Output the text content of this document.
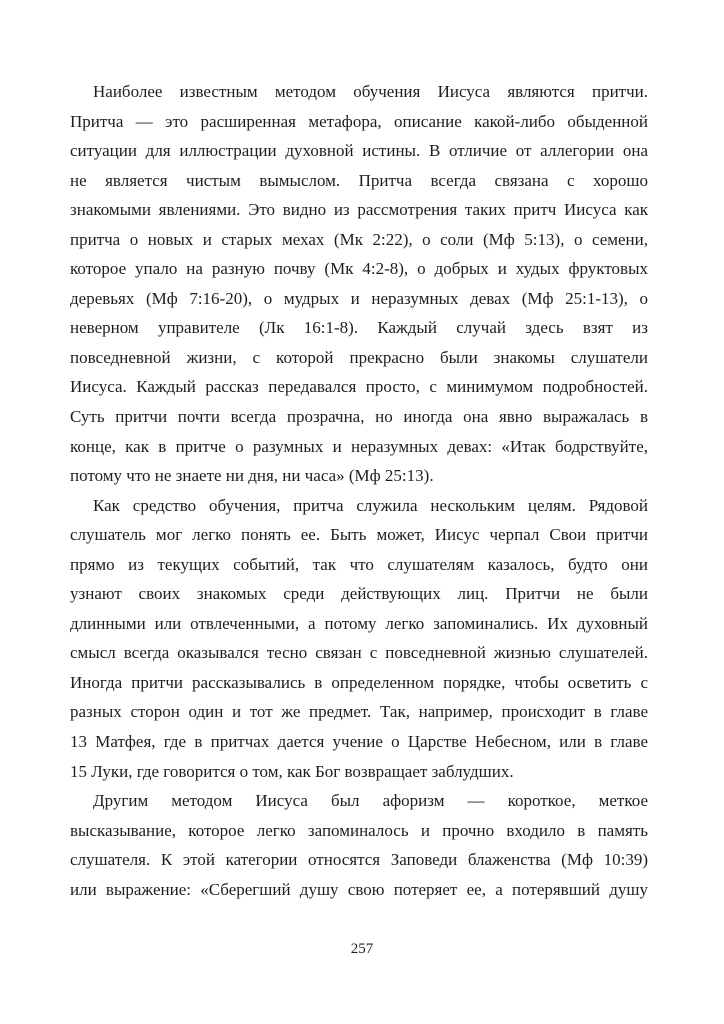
Наиболее известным методом обучения Иисуса являются притчи.
Притча — это расширенная метафора, описание какой-либо обыденной
ситуации для иллюстрации духовной истины. В отличие от аллегории она
не является чистым вымыслом. Притча всегда связана с хорошо
знакомыми явлениями. Это видно из рассмотрения таких притч Иисуса как
притча о новых и старых мехах (Мк 2:22), о соли (Мф 5:13), о семени,
которое упало на разную почву (Мк 4:2-8), о добрых и худых фруктовых
деревьях (Мф 7:16-20), о мудрых и неразумных девах (Мф 25:1-13), о
неверном управителе (Лк 16:1-8). Каждый случай здесь взят из
повседневной жизни, с которой прекрасно были знакомы слушатели
Иисуса. Каждый рассказ передавался просто, с минимумом подробностей.
Суть притчи почти всегда прозрачна, но иногда она явно выражалась в
конце, как в притче о разумных и неразумных девах: «Итак бодрствуйте,
потому что не знаете ни дня, ни часа» (Мф 25:13).
Как средство обучения, притча служила нескольким целям. Рядовой
слушатель мог легко понять ее. Быть может, Иисус черпал Свои притчи
прямо из текущих событий, так что слушателям казалось, будто они
узнают своих знакомых среди действующих лиц. Притчи не были
длинными или отвлеченными, а потому легко запоминались. Их духовный
смысл всегда оказывался тесно связан с повседневной жизнью слушателей.
Иногда притчи рассказывались в определенном порядке, чтобы осветить с
разных сторон один и тот же предмет. Так, например, происходит в главе
13 Матфея, где в притчах дается учение о Царстве Небесном, или в главе
15 Луки, где говорится о том, как Бог возвращает заблудших.
Другим методом Иисуса был афоризм — короткое, меткое
высказывание, которое легко запоминалось и прочно входило в память
слушателя. К этой категории относятся Заповеди блаженства (Мф 10:39)
или выражение: «Сберегший душу свою потеряет ее, а потерявший душу
257
